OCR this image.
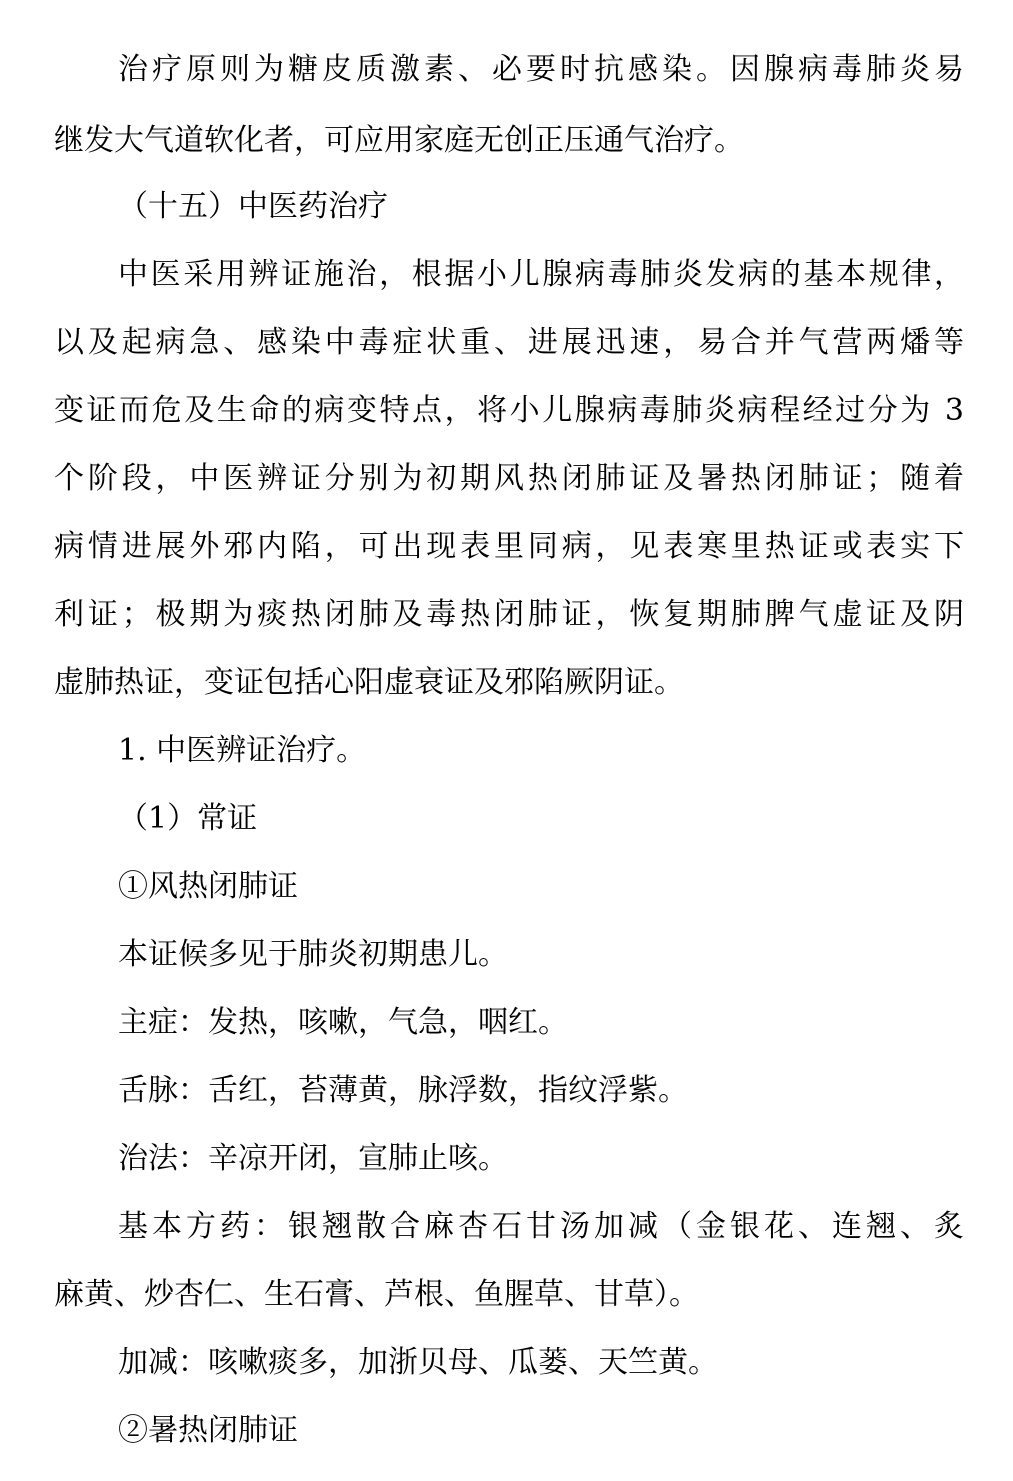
治疗原则为糖皮质激素、必要时抗感染。因腺病毒肺炎易
继发大气道软化者，可应用家庭无创正压通气治疗。
（十五）中医药治疗
中医采用辨证施治，根据小儿腺病毒肺炎发病的基本规律，
以及起病急、感染中毒症状重、进展迅速，易合并气营两燔等
变证而危及生命的病变特点，将小儿腺病毒肺炎病程经过分为 3
个阶段，中医辨证分别为初期风热闭肺证及暑热闭肺证；随着
病情进展外邪内陷，可出现表里同病，见表寒里热证或表实下
利证；极期为痰热闭肺及毒热闭肺证，恢复期肺脾气虚证及阴
虚肺热证，变证包括心阳虚衰证及邪陷厥阴证。
1. 中医辨证治疗。
（1）常证
①风热闭肺证
本证候多见于肺炎初期患儿。
主症：发热，咳嗽，气急，咽红。
舌脉：舌红，苔薄黄，脉浮数，指纹浮紫。
治法：辛凉开闭，宣肺止咳。
基本方药：银翘散合麻杏石甘汤加减（金银花、连翘、炙
麻黄、炒杏仁、生石膏、芦根、鱼腥草、甘草）。
加减：咳嗽痰多，加浙贝母、瓜蒌、天竺黄。
②暑热闭肺证
